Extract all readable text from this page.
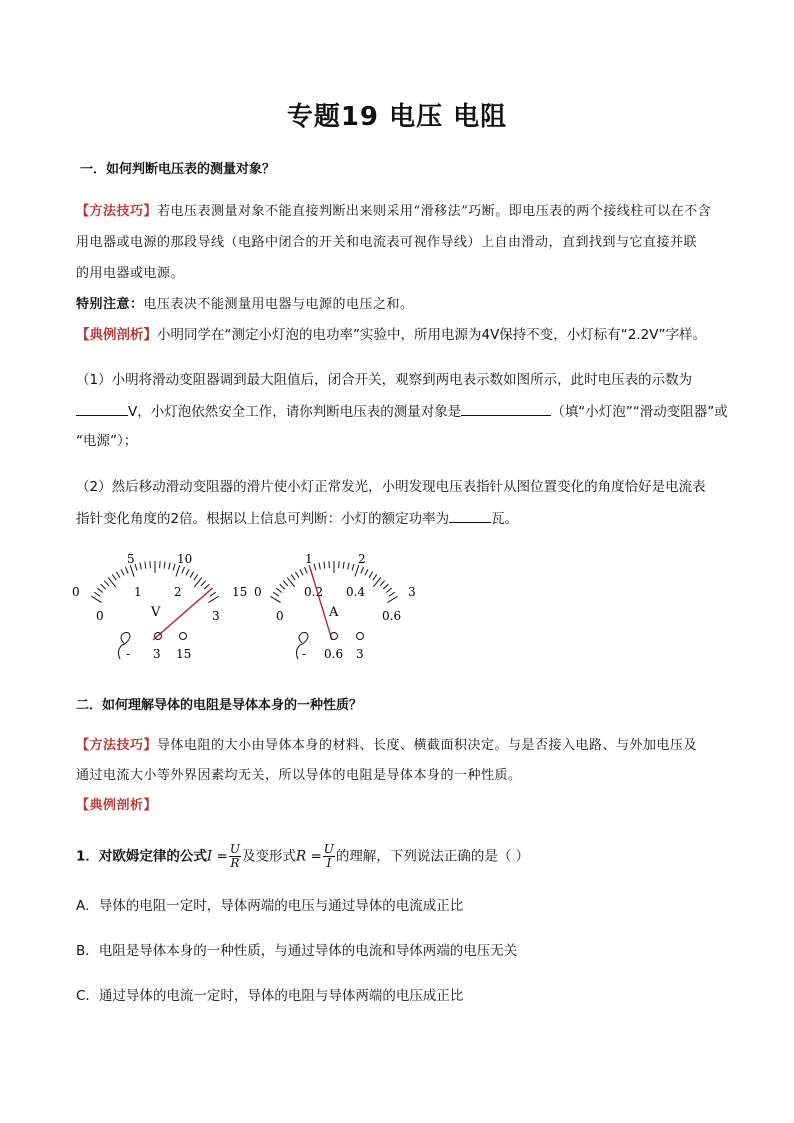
专题19 电压 电阻
一．如何判断电压表的测量对象？
【方法技巧】若电压表测量对象不能直接判断出来则采用“滑移法”巧断。即电压表的两个接线柱可以在不含
用电器或电源的那段导线（电路中闭合的开关和电流表可视作导线）上自由滑动，直到找到与它直接并联
的用电器或电源。
特别注意：电压表决不能测量用电器与电源的电压之和。
【典例剖析】小明同学在“测定小灯泡的电功率”实验中，所用电源为4V保持不变，小灯标有“2.2V”字样。
（1）小明将滑动变阻器调到最大阻值后，闭合开关，观察到两电表示数如图所示，此时电压表的示数为
V，小灯泡依然安全工作，请你判断电压表的测量对象是	（填“小灯泡”“滑动变阻器”或
“电源”）；
（2）然后移动滑动变阻器的滑片使小灯正常发光，小明发现电压表指针从图位置变化的角度恰好是电流表
指针变化角度的2倍。根据以上信息可判断：小灯的额定功率为	瓦。
0
5	10
15
0
1	2
3
V
- 3 15
0
1	2
3
0
0.2 0.4
0.6
A
- 0.6 3
二．如何理解导体的电阻是导体本身的一种性质？
【方法技巧】导体电阻的大小由导体本身的材料、长度、横截面积决定。与是否接入电路、与外加电压及
通过电流大小等外界因素均无关，所以导体的电阻是导体本身的一种性质。
【典例剖析】
1．对欧姆定律的公式$I = \frac{U}{R}$ 及变形式$R = \frac{U}{I}$ 的理解，下列说法正确的是（ ）
A．导体的电阻一定时，导体两端的电压与通过导体的电流成正比
B．电阻是导体本身的一种性质，与通过导体的电流和导体两端的电压无关
C．通过导体的电流一定时，导体的电阻与导体两端的电压成正比
